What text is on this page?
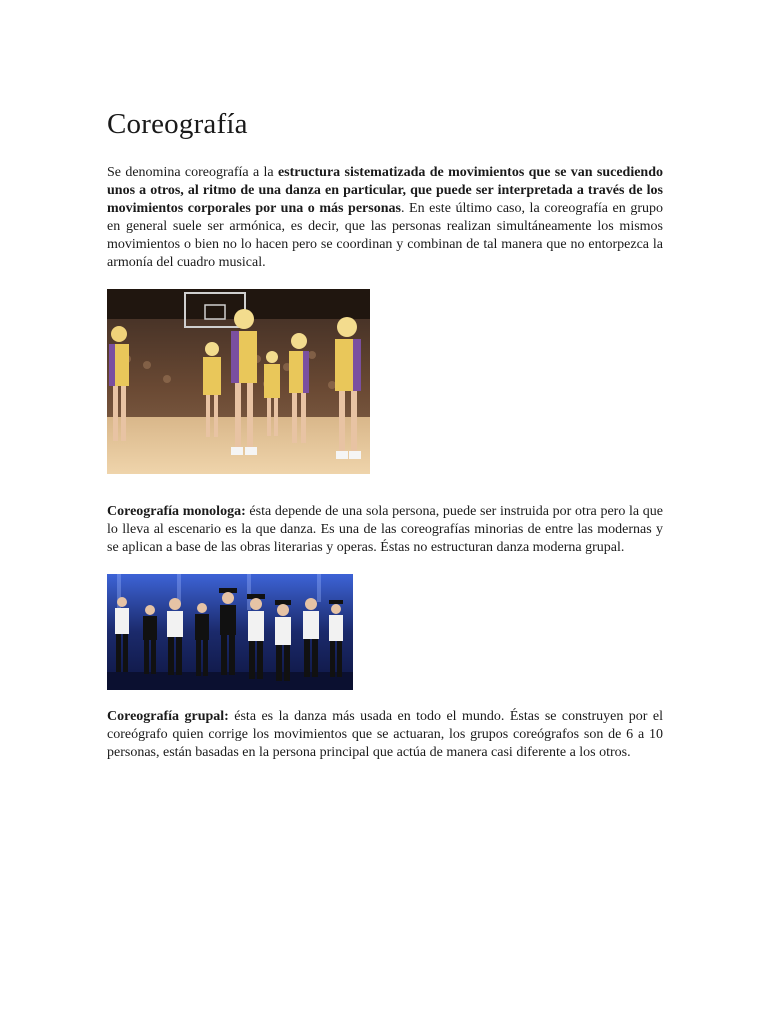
Coreografía

Se denomina coreografía a la estructura sistematizada de movimientos que se van sucediendo unos a otros, al ritmo de una danza en particular, que puede ser interpretada a través de los movimientos corporales por una o más personas. En este último caso, la coreografía en grupo en general suele ser armónica, es decir, que las personas realizan simultáneamente los mismos movimientos o bien no lo hacen pero se coordinan y combinan de tal manera que no entorpezca la armonía del cuadro musical.

Coreografía monologa: ésta depende de una sola persona, puede ser instruida por otra pero la que lo lleva al escenario es la que danza. Es una de las coreografías minorias de entre las modernas y se aplican a base de las obras literarias y operas. Éstas no estructuran danza moderna grupal.

Coreografía grupal: ésta es la danza más usada en todo el mundo. Éstas se construyen por el coreógrafo quien corrige los movimientos que se actuaran, los grupos coreógrafos son de 6 a 10 personas, están basadas en la persona principal que actúa de manera casi diferente a los otros.
